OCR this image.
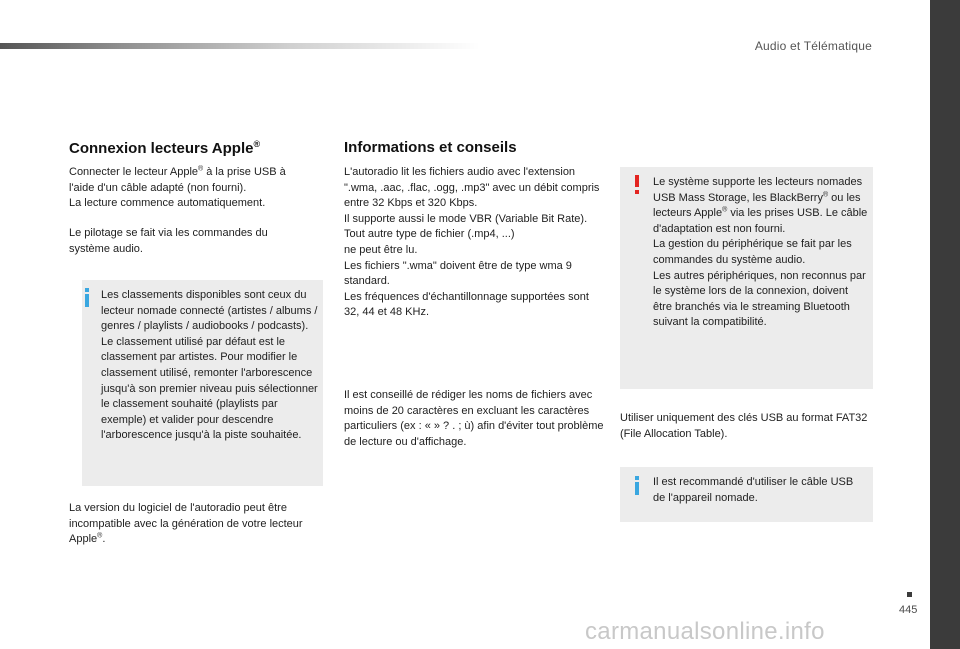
Audio et Télématique
Connexion lecteurs Apple®
Connecter le lecteur Apple® à la prise USB à l'aide d'un câble adapté (non fourni).
La lecture commence automatiquement.
Le pilotage se fait via les commandes du système audio.
Les classements disponibles sont ceux du lecteur nomade connecté (artistes / albums / genres / playlists / audiobooks / podcasts). Le classement utilisé par défaut est le classement par artistes. Pour modifier le classement utilisé, remonter l'arborescence jusqu'à son premier niveau puis sélectionner le classement souhaité (playlists par exemple) et valider pour descendre l'arborescence jusqu'à la piste souhaitée.
La version du logiciel de l'autoradio peut être incompatible avec la génération de votre lecteur Apple®.
Informations et conseils
L'autoradio lit les fichiers audio avec l'extension ".wma, .aac, .flac, .ogg, .mp3" avec un débit compris entre 32 Kbps et 320 Kbps.
Il supporte aussi le mode VBR (Variable Bit Rate).
Tout autre type de fichier (.mp4, ...) ne peut être lu.
Les fichiers ".wma" doivent être de type wma 9 standard.
Les fréquences d'échantillonnage supportées sont 32, 44 et 48 KHz.
Il est conseillé de rédiger les noms de fichiers avec moins de 20 caractères en excluant les caractères particuliers (ex : « » ? . ; ù) afin d'éviter tout problème de lecture ou d'affichage.
Le système supporte les lecteurs nomades USB Mass Storage, les BlackBerry® ou les lecteurs Apple® via les prises USB. Le câble d'adaptation est non fourni.
La gestion du périphérique se fait par les commandes du système audio.
Les autres périphériques, non reconnus par le système lors de la connexion, doivent être branchés via le streaming Bluetooth suivant la compatibilité.
Utiliser uniquement des clés USB au format FAT32 (File Allocation Table).
Il est recommandé d'utiliser le câble USB de l'appareil nomade.
445
carmanualsonline.info
